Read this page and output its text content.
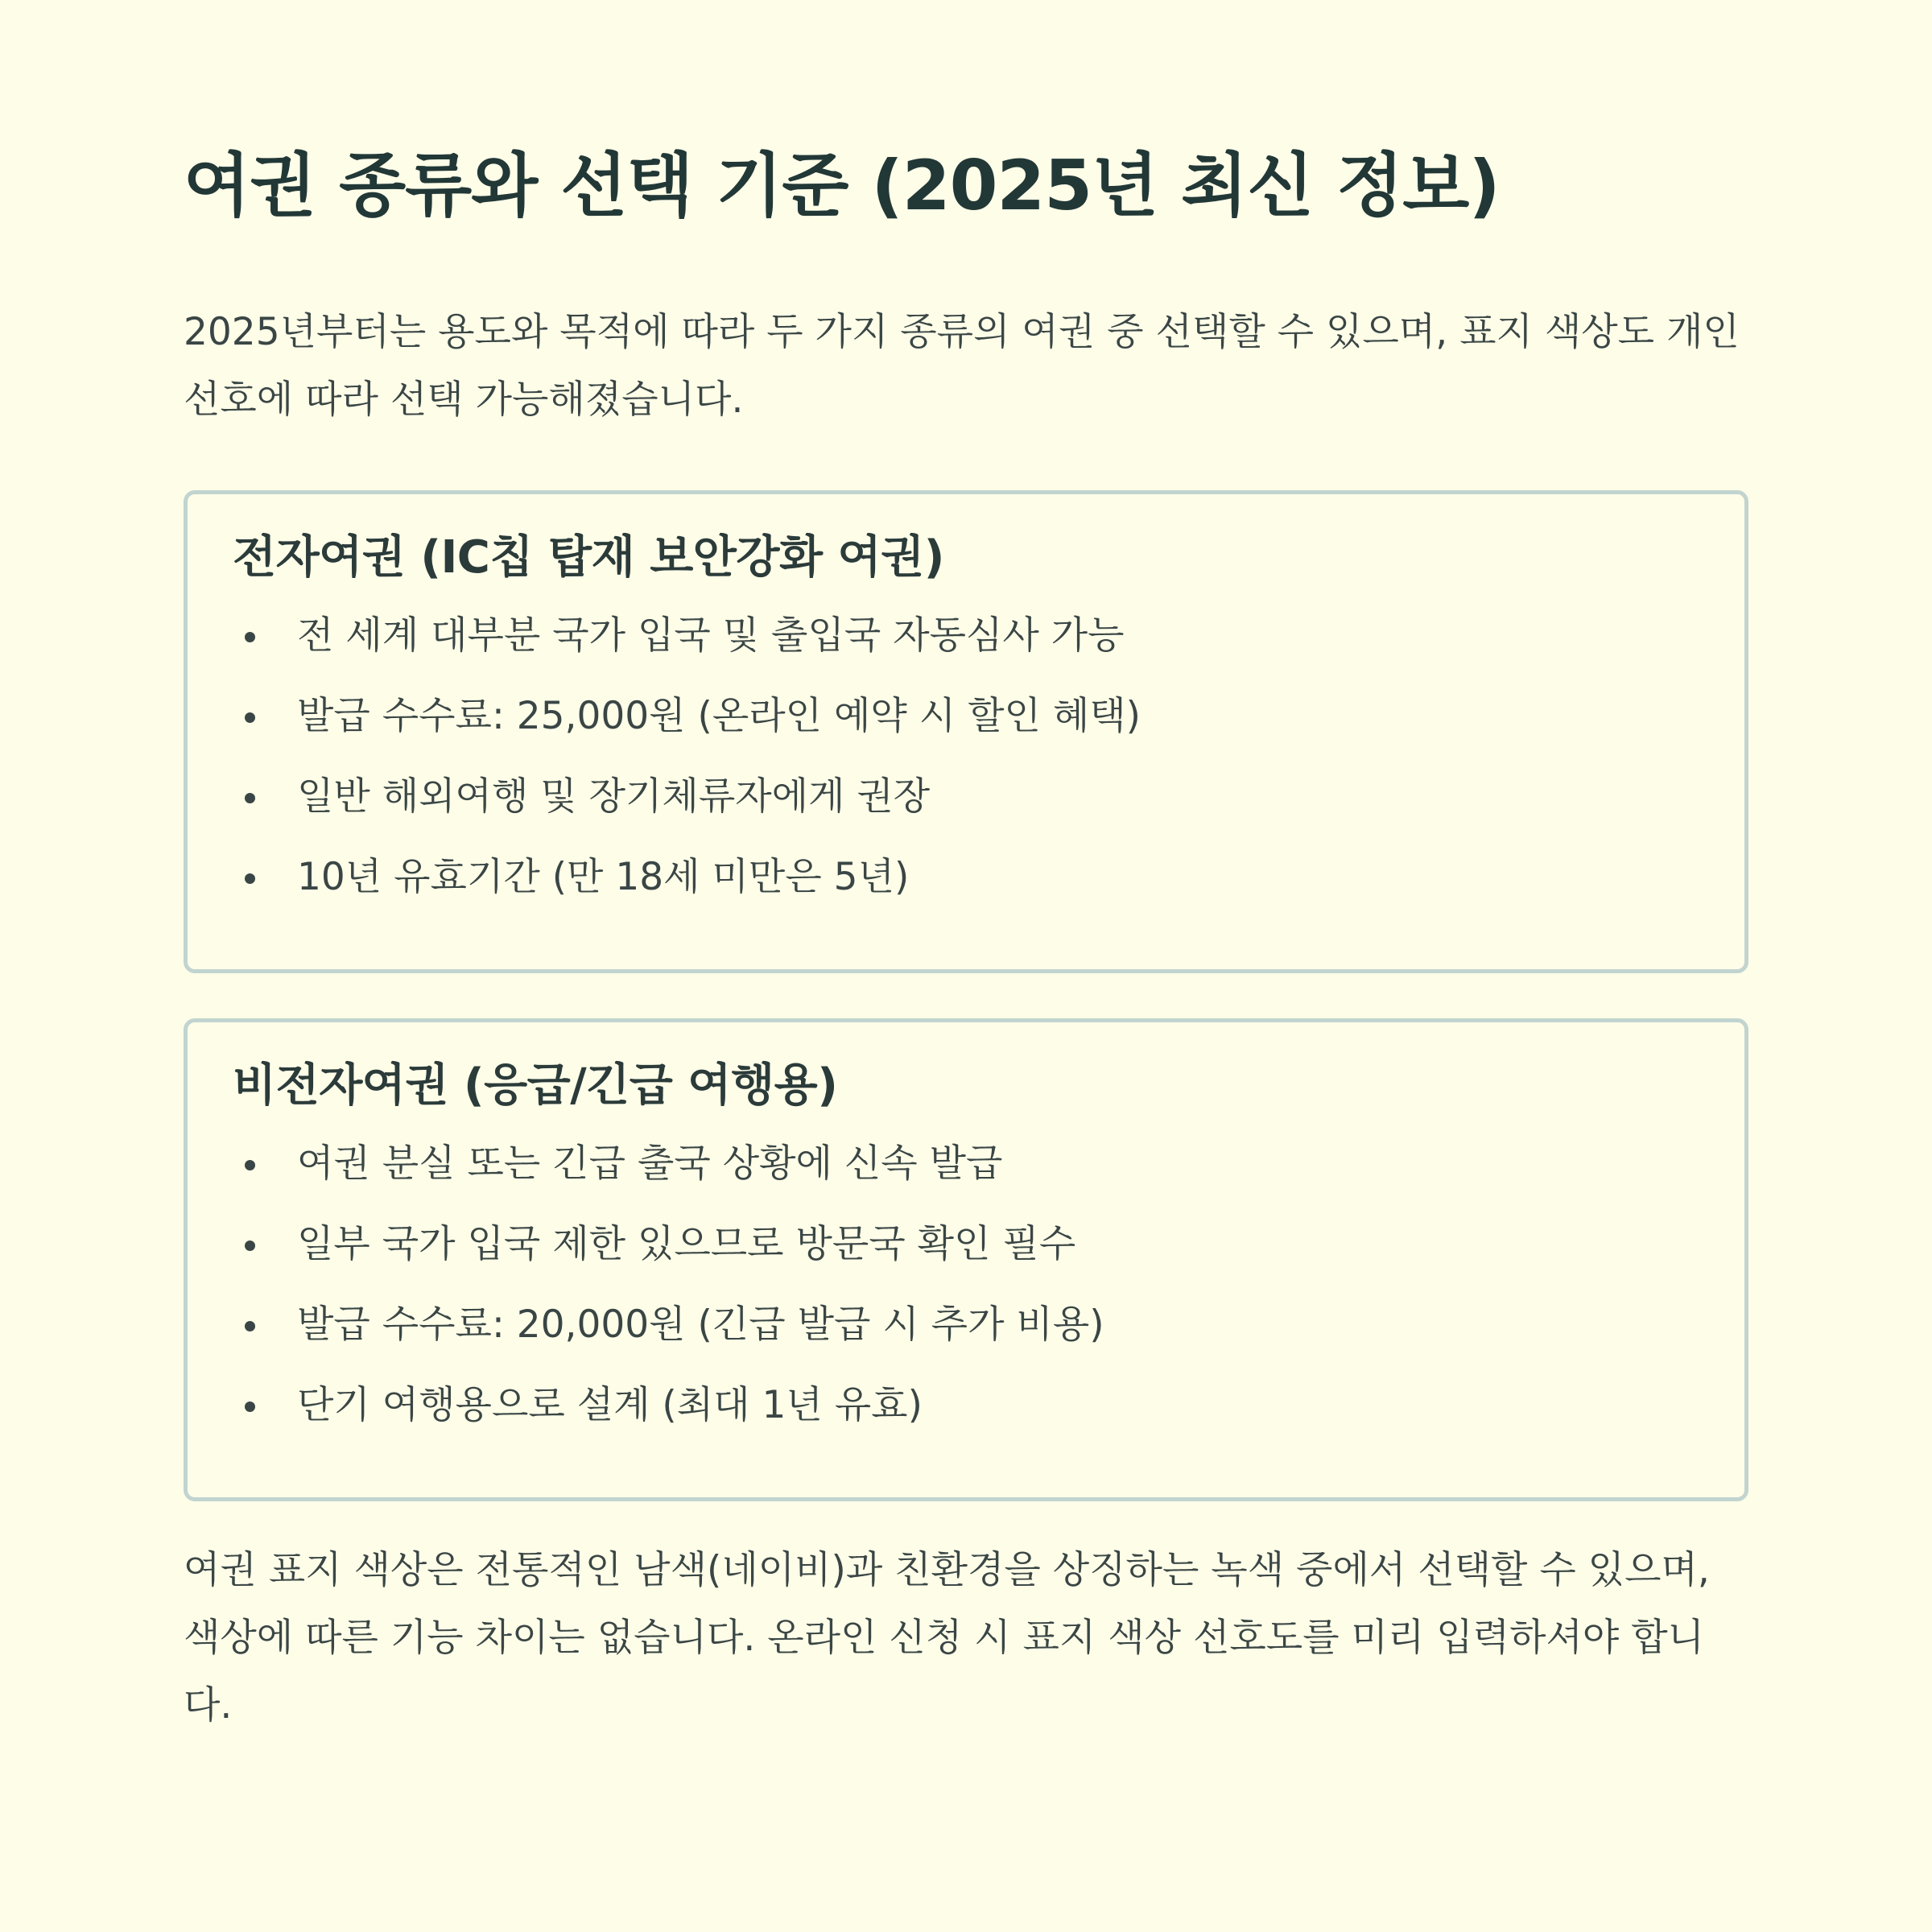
여권 종류와 선택 기준 (2025년 최신 정보)

2025년부터는 용도와 목적에 따라 두 가지 종류의 여권 중 선택할 수 있으며, 표지 색상도 개인 선호에 따라 선택 가능해졌습니다.

전자여권 (IC칩 탑재 보안강화 여권)
전 세계 대부분 국가 입국 및 출입국 자동심사 가능
발급 수수료: 25,000원 (온라인 예약 시 할인 혜택)
일반 해외여행 및 장기체류자에게 권장
10년 유효기간 (만 18세 미만은 5년)
비전자여권 (응급/긴급 여행용)
여권 분실 또는 긴급 출국 상황에 신속 발급
일부 국가 입국 제한 있으므로 방문국 확인 필수
발급 수수료: 20,000원 (긴급 발급 시 추가 비용)
단기 여행용으로 설계 (최대 1년 유효)

여권 표지 색상은 전통적인 남색(네이비)과 친환경을 상징하는 녹색 중에서 선택할 수 있으며, 색상에 따른 기능 차이는 없습니다. 온라인 신청 시 표지 색상 선호도를 미리 입력하셔야 합니다.
